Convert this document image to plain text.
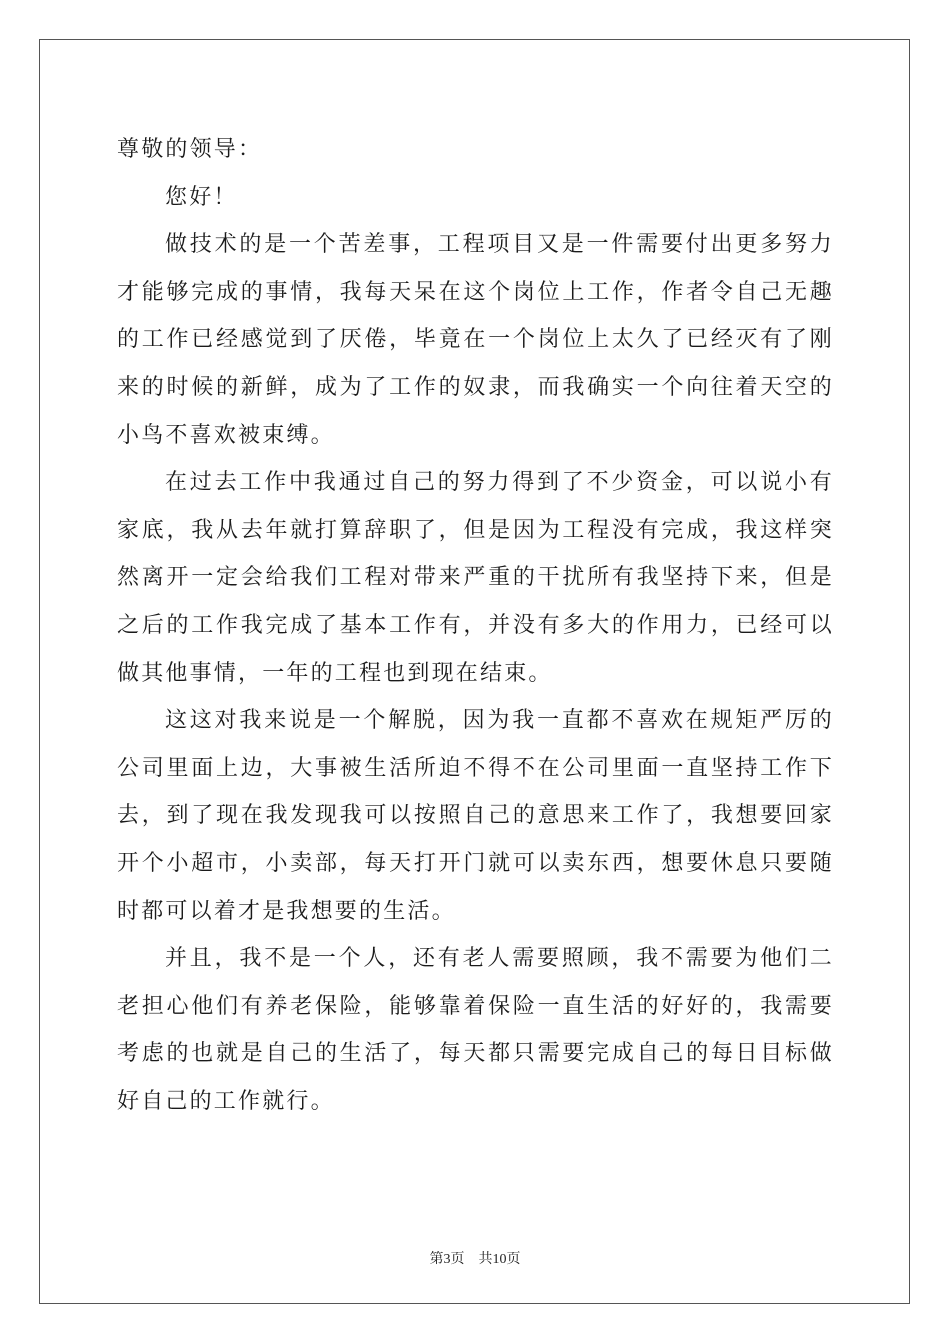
尊敬的领导：

您好！

做技术的是一个苦差事，工程项目又是一件需要付出更多努力才能够完成的事情，我每天呆在这个岗位上工作，作者令自己无趣的工作已经感觉到了厌倦，毕竟在一个岗位上太久了已经灭有了刚来的时候的新鲜，成为了工作的奴隶，而我确实一个向往着天空的小鸟不喜欢被束缚。

在过去工作中我通过自己的努力得到了不少资金，可以说小有家底，我从去年就打算辞职了，但是因为工程没有完成，我这样突然离开一定会给我们工程对带来严重的干扰所有我坚持下来，但是之后的工作我完成了基本工作有，并没有多大的作用力，已经可以做其他事情，一年的工程也到现在结束。

这这对我来说是一个解脱，因为我一直都不喜欢在规矩严厉的公司里面上边，大事被生活所迫不得不在公司里面一直坚持工作下去，到了现在我发现我可以按照自己的意思来工作了，我想要回家开个小超市，小卖部，每天打开门就可以卖东西，想要休息只要随时都可以着才是我想要的生活。

并且，我不是一个人，还有老人需要照顾，我不需要为他们二老担心他们有养老保险，能够靠着保险一直生活的好好的，我需要考虑的也就是自己的生活了，每天都只需要完成自己的每日目标做好自己的工作就行。

第3页 共10页
